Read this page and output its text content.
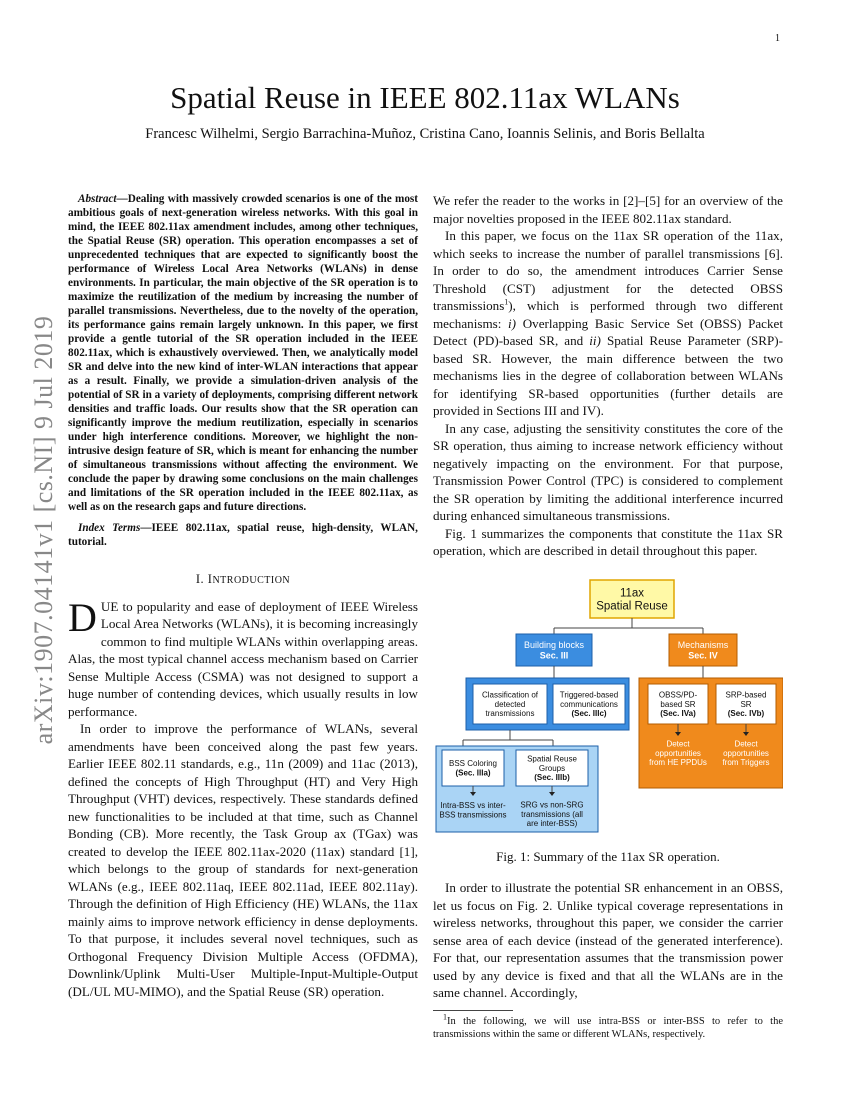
1
arXiv:1907.04141v1 [cs.NI] 9 Jul 2019
Spatial Reuse in IEEE 802.11ax WLANs
Francesc Wilhelmi, Sergio Barrachina-Muñoz, Cristina Cano, Ioannis Selinis, and Boris Bellalta
Abstract—Dealing with massively crowded scenarios is one of the most ambitious goals of next-generation wireless networks. With this goal in mind, the IEEE 802.11ax amendment includes, among other techniques, the Spatial Reuse (SR) operation. This operation encompasses a set of unprecedented techniques that are expected to significantly boost the performance of Wireless Local Area Networks (WLANs) in dense environments. In particular, the main objective of the SR operation is to maximize the reutilization of the medium by increasing the number of parallel transmissions. Nevertheless, due to the novelty of the operation, its performance gains remain largely unknown. In this paper, we first provide a gentle tutorial of the SR operation included in the IEEE 802.11ax, which is exhaustively overviewed. Then, we analytically model SR and delve into the new kind of inter-WLAN interactions that appear as a result. Finally, we provide a simulation-driven analysis of the potential of SR in a variety of deployments, comprising different network densities and traffic loads. Our results show that the SR operation can significantly improve the medium reutilization, especially in scenarios under high interference conditions. Moreover, we highlight the non-intrusive design feature of SR, which is meant for enhancing the number of simultaneous transmissions without affecting the environment. We conclude the paper by drawing some conclusions on the main challenges and limitations of the SR operation included in the IEEE 802.11ax, as well as on the research gaps and future directions.
Index Terms—IEEE 802.11ax, spatial reuse, high-density, WLAN, tutorial.
I. INTRODUCTION

DUE to popularity and ease of deployment of IEEE Wireless Local Area Networks (WLANs), it is becoming increasingly common to find multiple WLANs within overlapping areas. Alas, the most typical channel access mechanism based on Carrier Sense Multiple Access (CSMA) was not designed to support a huge number of contending devices, which usually results in low performance.

In order to improve the performance of WLANs, several amendments have been conceived along the past few years. Earlier IEEE 802.11 standards, e.g., 11n (2009) and 11ac (2013), defined the concepts of High Throughput (HT) and Very High Throughput (VHT) devices, respectively. These standards defined new functionalities to be included at that time, such as Channel Bonding (CB). More recently, the Task Group ax (TGax) was created to develop the IEEE 802.11ax-2020 (11ax) standard [1], which belongs to the group of standards for next-generation WLANs (e.g., IEEE 802.11aq, IEEE 802.11ad, IEEE 802.11ay). Through the definition of High Efficiency (HE) WLANs, the 11ax mainly aims to improve network efficiency in dense deployments. To that purpose, it includes several novel techniques, such as Orthogonal Frequency Division Multiple Access (OFDMA), Downlink/Uplink Multi-User Multiple-Input-Multiple-Output (DL/UL MU-MIMO), and the Spatial Reuse (SR) operation.

We refer the reader to the works in [2]–[5] for an overview of the major novelties proposed in the IEEE 802.11ax standard.

In this paper, we focus on the 11ax SR operation of the 11ax, which seeks to increase the number of parallel transmissions [6]. In order to do so, the amendment introduces Carrier Sense Threshold (CST) adjustment for the detected OBSS transmissions$^1$), which is performed through two different mechanisms: i) Overlapping Basic Service Set (OBSS) Packet Detect (PD)-based SR, and ii) Spatial Reuse Parameter (SRP)-based SR. However, the main difference between the two mechanisms lies in the degree of collaboration between WLANs for identifying SR-based opportunities (further details are provided in Sections III and IV).

In any case, adjusting the sensitivity constitutes the core of the SR operation, thus aiming to increase network efficiency without negatively impacting on the environment. For that purpose, Transmission Power Control (TPC) is considered to complement the SR operation by limiting the additional interference incurred during enhanced simultaneous transmissions.

Fig. 1 summarizes the components that constitute the 11ax SR operation, which are described in detail throughout this paper.

11ax
Spatial Reuse
Building blocks
Sec. III
Mechanisms
Sec. IV
Classification of
detected
transmissions
Triggered-based
communications
(Sec. IIIc)
OBSS/PD-
based SR
(Sec. IVa)
SRP-based
SR
(Sec. IVb)
Detect
opportunities
from HE PPDUs
Detect
opportunities
from Triggers
BSS Coloring
(Sec. IIIa)
Spatial Reuse
Groups
(Sec. IIIb)
Intra-BSS vs inter-
BSS transmissions
SRG vs non-SRG
transmissions (all
are inter-BSS)
Fig. 1: Summary of the 11ax SR operation.

In order to illustrate the potential SR enhancement in an OBSS, let us focus on Fig. 2. Unlike typical coverage representations in wireless networks, throughout this paper, we consider the carrier sense area of each device (instead of the generated interference). For that, our representation assumes that the transmission power used by any device is fixed and that all the WLANs are in the same channel. Accordingly,

$^1$In the following, we will use intra-BSS or inter-BSS to refer to the transmissions within the same or different WLANs, respectively.
